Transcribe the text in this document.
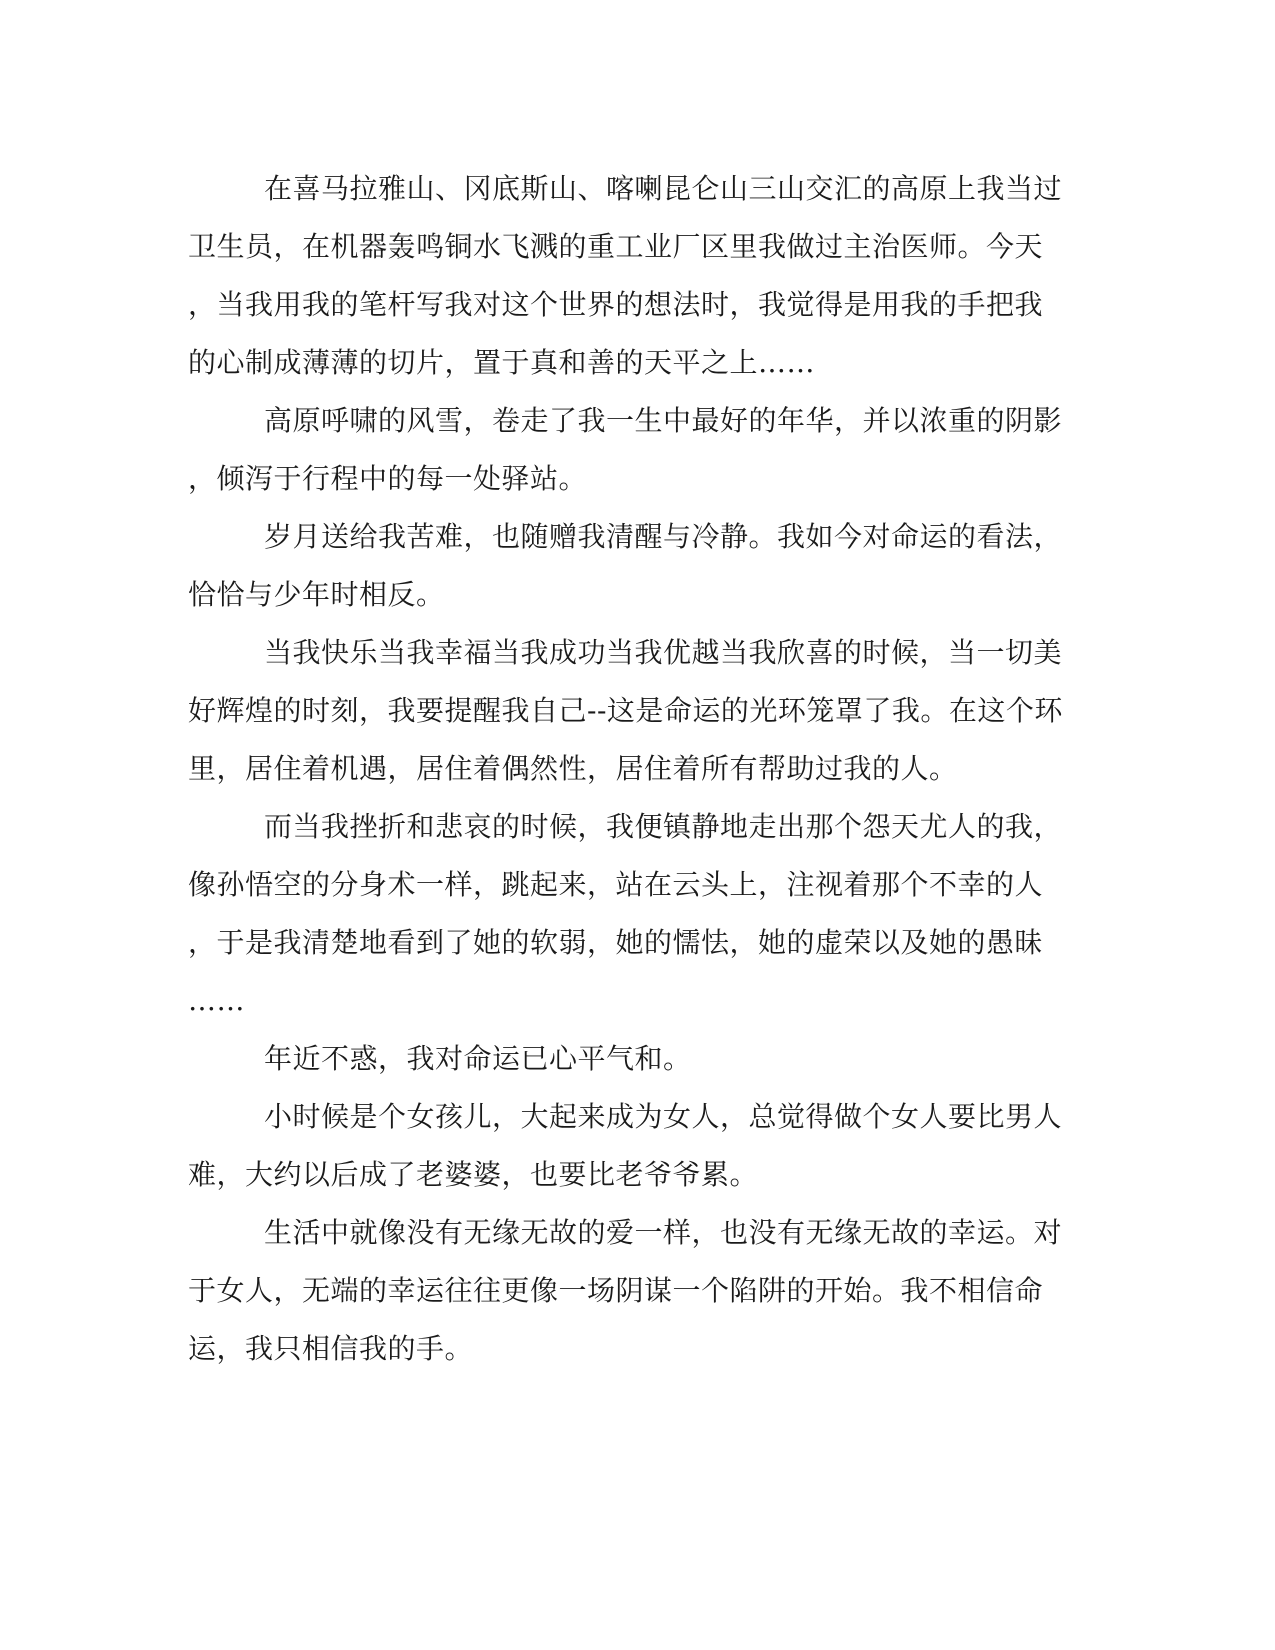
在喜马拉雅山、冈底斯山、喀喇昆仑山三山交汇的高原上我当过
卫生员，在机器轰鸣铜水飞溅的重工业厂区里我做过主治医师。今天
，当我用我的笔杆写我对这个世界的想法时，我觉得是用我的手把我
的心制成薄薄的切片，置于真和善的天平之上……
高原呼啸的风雪，卷走了我一生中最好的年华，并以浓重的阴影
，倾泻于行程中的每一处驿站。
岁月送给我苦难，也随赠我清醒与冷静。我如今对命运的看法，
恰恰与少年时相反。
当我快乐当我幸福当我成功当我优越当我欣喜的时候，当一切美
好辉煌的时刻，我要提醒我自己--这是命运的光环笼罩了我。在这个环
里，居住着机遇，居住着偶然性，居住着所有帮助过我的人。
而当我挫折和悲哀的时候，我便镇静地走出那个怨天尤人的我，
像孙悟空的分身术一样，跳起来，站在云头上，注视着那个不幸的人
，于是我清楚地看到了她的软弱，她的懦怯，她的虚荣以及她的愚昧
……
年近不惑，我对命运已心平气和。
小时候是个女孩儿，大起来成为女人，总觉得做个女人要比男人
难，大约以后成了老婆婆，也要比老爷爷累。
生活中就像没有无缘无故的爱一样，也没有无缘无故的幸运。对
于女人，无端的幸运往往更像一场阴谋一个陷阱的开始。我不相信命
运，我只相信我的手。
